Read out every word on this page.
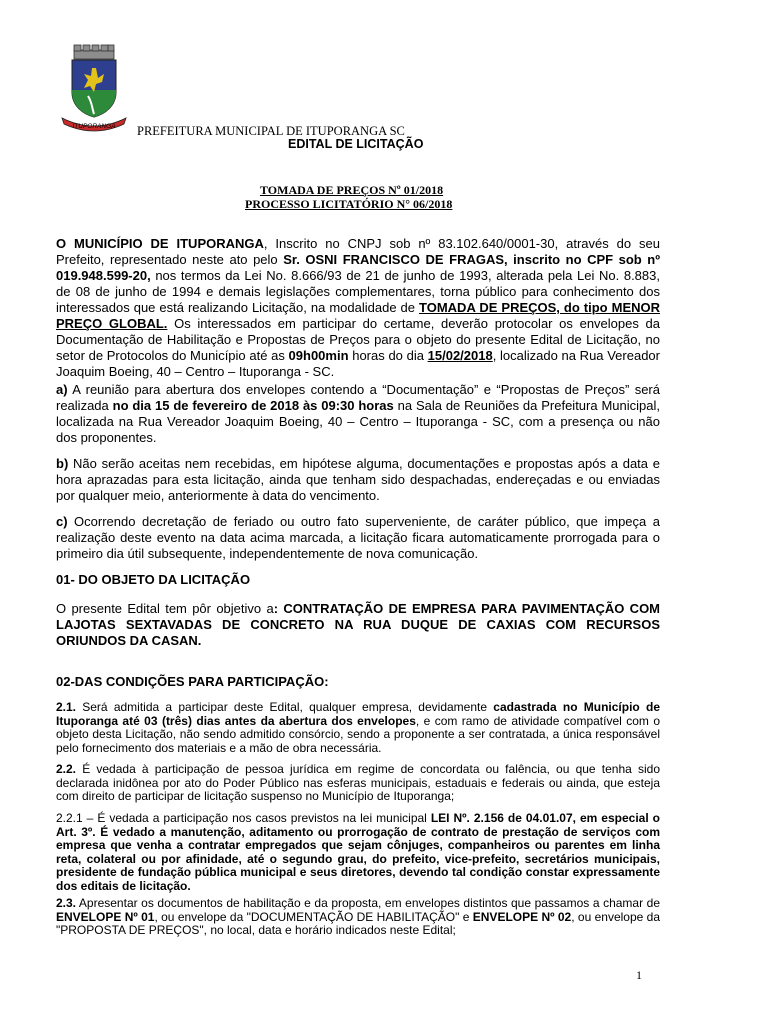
ITUPORANGA PREFEITURA MUNICIPAL DE ITUPORANGA SC
EDITAL DE LICITAÇÃO
TOMADA DE PREÇOS Nº 01/2018
PROCESSO LICITATÓRIO N° 06/2018

O MUNICÍPIO DE ITUPORANGA, Inscrito no CNPJ sob nº 83.102.640/0001-30, através do seu Prefeito, representado neste ato pelo Sr. OSNI FRANCISCO DE FRAGAS, inscrito no CPF sob nº 019.948.599-20, nos termos da Lei No. 8.666/93 de 21 de junho de 1993, alterada pela Lei No. 8.883, de 08 de junho de 1994 e demais legislações complementares, torna público para conhecimento dos interessados que está realizando Licitação, na modalidade de TOMADA DE PREÇOS, do tipo MENOR PREÇO GLOBAL. Os interessados em participar do certame, deverão protocolar os envelopes da Documentação de Habilitação e Propostas de Preços para o objeto do presente Edital de Licitação, no setor de Protocolos do Município até as 09h00min horas do dia 15/02/2018, localizado na Rua Vereador Joaquim Boeing, 40 – Centro – Ituporanga - SC.

a) A reunião para abertura dos envelopes contendo a “Documentação” e “Propostas de Preços” será realizada no dia 15 de fevereiro de 2018 às 09:30 horas na Sala de Reuniões da Prefeitura Municipal, localizada na Rua Vereador Joaquim Boeing, 40 – Centro – Ituporanga - SC, com a presença ou não dos proponentes.

b) Não serão aceitas nem recebidas, em hipótese alguma, documentações e propostas após a data e hora aprazadas para esta licitação, ainda que tenham sido despachadas, endereçadas e ou enviadas por qualquer meio, anteriormente à data do vencimento.

c) Ocorrendo decretação de feriado ou outro fato superveniente, de caráter público, que impeça a realização deste evento na data acima marcada, a licitação ficara automaticamente prorrogada para o primeiro dia útil subsequente, independentemente de nova comunicação.

01- DO OBJETO DA LICITAÇÃO

O presente Edital tem pôr objetivo a: CONTRATAÇÃO DE EMPRESA PARA PAVIMENTAÇÃO COM LAJOTAS SEXTAVADAS DE CONCRETO NA RUA DUQUE DE CAXIAS COM RECURSOS ORIUNDOS DA CASAN.

02-DAS CONDIÇÕES PARA PARTICIPAÇÃO:

2.1. Será admitida a participar deste Edital, qualquer empresa, devidamente cadastrada no Município de Ituporanga até 03 (três) dias antes da abertura dos envelopes, e com ramo de atividade compatível com o objeto desta Licitação, não sendo admitido consórcio, sendo a proponente a ser contratada, a única responsável pelo fornecimento dos materiais e a mão de obra necessária.

2.2. É vedada à participação de pessoa jurídica em regime de concordata ou falência, ou que tenha sido declarada inidônea por ato do Poder Público nas esferas municipais, estaduais e federais ou ainda, que esteja com direito de participar de licitação suspenso no Município de Ituporanga;

2.2.1 – É vedada a participação nos casos previstos na lei municipal LEI Nº. 2.156 de 04.01.07, em especial o Art. 3º. É vedado a manutenção, aditamento ou prorrogação de contrato de prestação de serviços com empresa que venha a contratar empregados que sejam cônjuges, companheiros ou parentes em linha reta, colateral ou por afinidade, até o segundo grau, do prefeito, vice-prefeito, secretários municipais, presidente de fundação pública municipal e seus diretores, devendo tal condição constar expressamente dos editais de licitação.

2.3. Apresentar os documentos de habilitação e da proposta, em envelopes distintos que passamos a chamar de ENVELOPE Nº 01, ou envelope da "DOCUMENTAÇÃO DE HABILITAÇÃO" e ENVELOPE Nº 02, ou envelope da "PROPOSTA DE PREÇOS", no local, data e horário indicados neste Edital;

1
